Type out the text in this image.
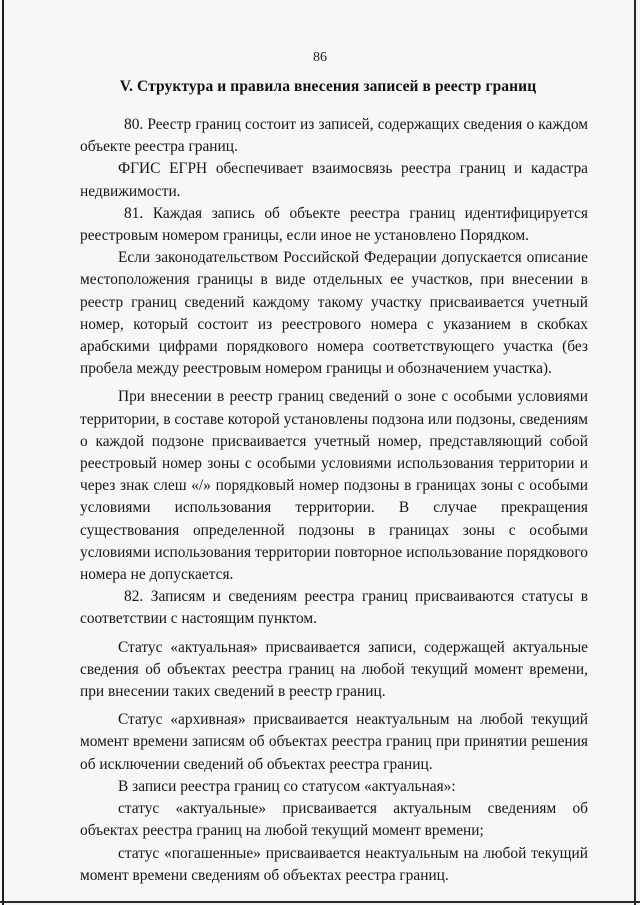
86
V. Структура и правила внесения записей в реестр границ

80. Реестр границ состоит из записей, содержащих сведения о каждом объекте реестра границ.

ФГИС ЕГРН обеспечивает взаимосвязь реестра границ и кадастра недвижимости.

81. Каждая запись об объекте реестра границ идентифицируется реестровым номером границы, если иное не установлено Порядком.

Если законодательством Российской Федерации допускается описание местоположения границы в виде отдельных ее участков, при внесении в реестр границ сведений каждому такому участку присваивается учетный номер, который состоит из реестрового номера с указанием в скобках арабскими цифрами порядкового номера соответствующего участка (без пробела между реестровым номером границы и обозначением участка).

При внесении в реестр границ сведений о зоне с особыми условиями территории, в составе которой установлены подзона или подзоны, сведениям о каждой подзоне присваивается учетный номер, представляющий собой реестровый номер зоны с особыми условиями использования территории и через знак слеш «/» порядковый номер подзоны в границах зоны с особыми условиями использования территории. В случае прекращения существования определенной подзоны в границах зоны с особыми условиями использования территории повторное использование порядкового номера не допускается.

82. Записям и сведениям реестра границ присваиваются статусы в соответствии с настоящим пунктом.

Статус «актуальная» присваивается записи, содержащей актуальные сведения об объектах реестра границ на любой текущий момент времени, при внесении таких сведений в реестр границ.

Статус «архивная» присваивается неактуальным на любой текущий момент времени записям об объектах реестра границ при принятии решения об исключении сведений об объектах реестра границ.

В записи реестра границ со статусом «актуальная»:

статус «актуальные» присваивается актуальным сведениям об объектах реестра границ на любой текущий момент времени;

статус «погашенные» присваивается неактуальным на любой текущий момент времени сведениям об объектах реестра границ.
